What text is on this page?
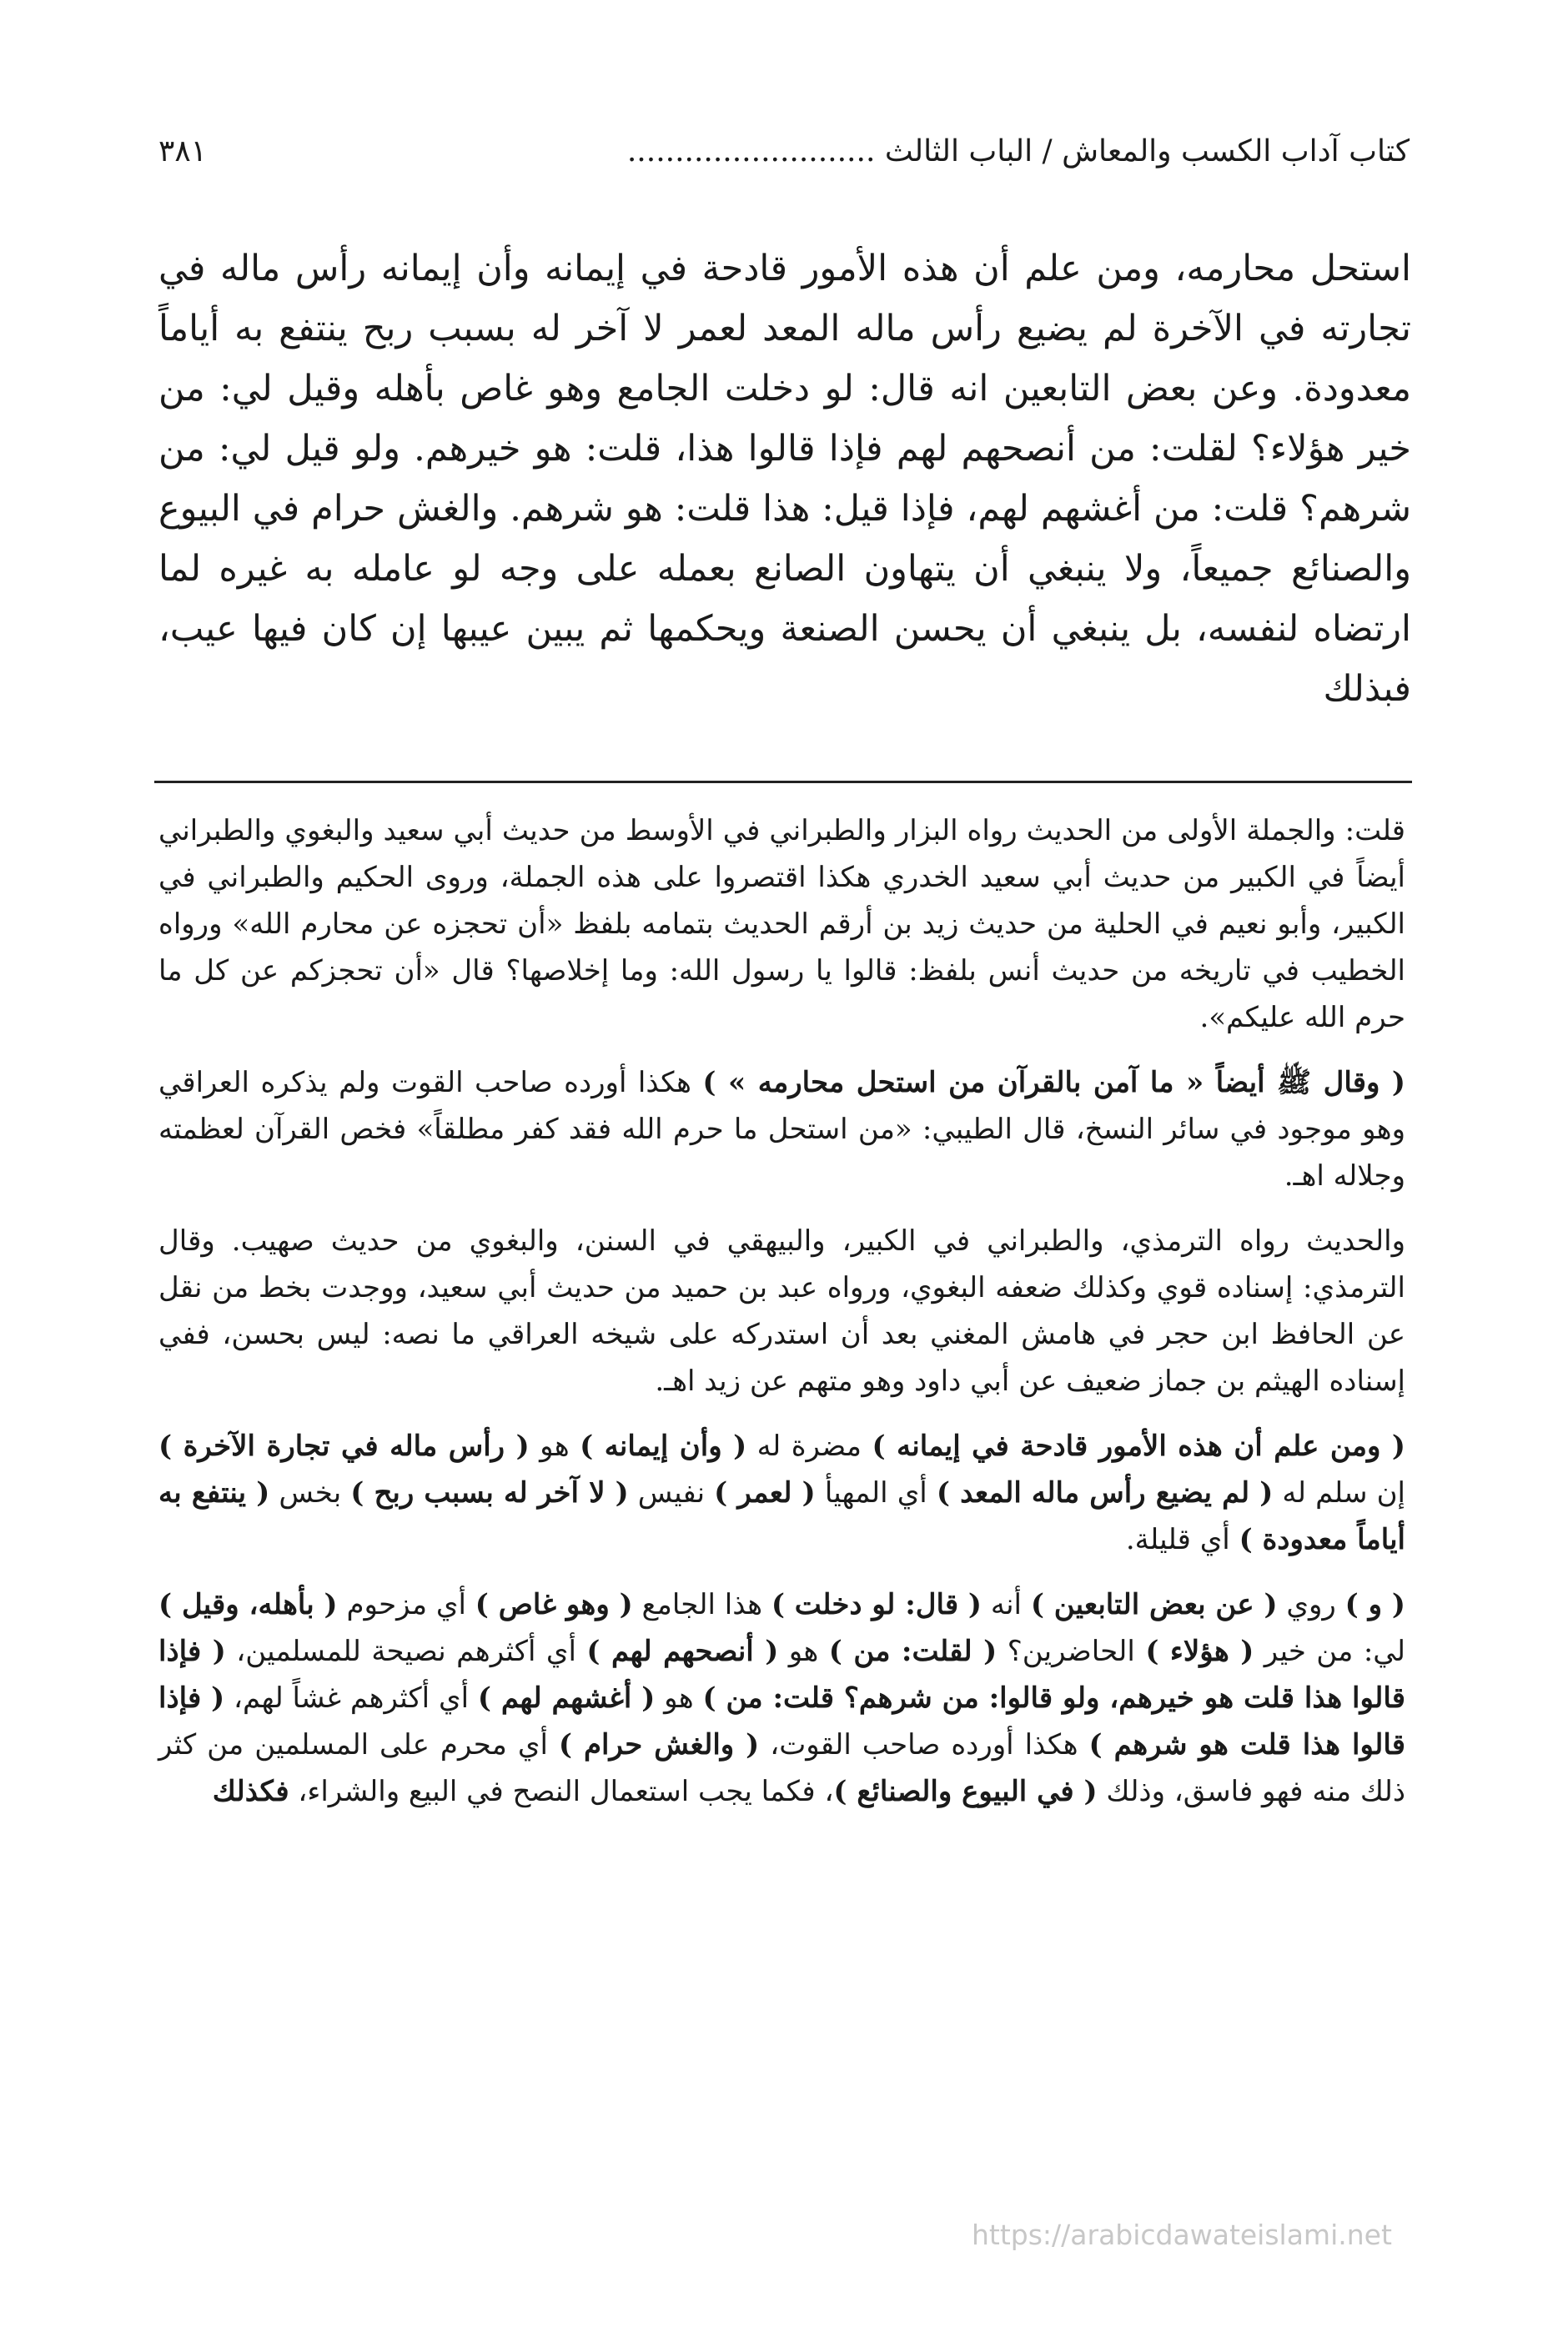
كتاب آداب الكسب والمعاش / الباب الثالث ..........................
٣٨١

استحل محارمه، ومن علم أن هذه الأمور قادحة في إيمانه وأن إيمانه رأس ماله في تجارته في الآخرة لم يضيع رأس ماله المعد لعمر لا آخر له بسبب ربح ينتفع به أياماً معدودة. وعن بعض التابعين انه قال: لو دخلت الجامع وهو غاص بأهله وقيل لي: من خير هؤلاء؟ لقلت: من أنصحهم لهم فإذا قالوا هذا، قلت: هو خيرهم. ولو قيل لي: من شرهم؟ قلت: من أغشهم لهم، فإذا قيل: هذا قلت: هو شرهم. والغش حرام في البيوع والصنائع جميعاً، ولا ينبغي أن يتهاون الصانع بعمله على وجه لو عامله به غيره لما ارتضاه لنفسه، بل ينبغي أن يحسن الصنعة ويحكمها ثم يبين عيبها إن كان فيها عيب، فبذلك

قلت: والجملة الأولى من الحديث رواه البزار والطبراني في الأوسط من حديث أبي سعيد والبغوي والطبراني أيضاً في الكبير من حديث أبي سعيد الخدري هكذا اقتصروا على هذه الجملة، وروى الحكيم والطبراني في الكبير، وأبو نعيم في الحلية من حديث زيد بن أرقم الحديث بتمامه بلفظ «أن تحجزه عن محارم الله» ورواه الخطيب في تاريخه من حديث أنس بلفظ: قالوا يا رسول الله: وما إخلاصها؟ قال «أن تحجزكم عن كل ما حرم الله عليكم».

( وقال ﷺ أيضاً « ما آمن بالقرآن من استحل محارمه » ) هكذا أورده صاحب القوت ولم يذكره العراقي وهو موجود في سائر النسخ، قال الطيبي: «من استحل ما حرم الله فقد كفر مطلقاً» فخص القرآن لعظمته وجلاله اهـ.

والحديث رواه الترمذي، والطبراني في الكبير، والبيهقي في السنن، والبغوي من حديث صهيب. وقال الترمذي: إسناده قوي وكذلك ضعفه البغوي، ورواه عبد بن حميد من حديث أبي سعيد، ووجدت بخط من نقل عن الحافظ ابن حجر في هامش المغني بعد أن استدركه على شيخه العراقي ما نصه: ليس بحسن، ففي إسناده الهيثم بن جماز ضعيف عن أبي داود وهو متهم عن زيد اهـ.

( ومن علم أن هذه الأمور قادحة في إيمانه ) مضرة له ( وأن إيمانه ) هو ( رأس ماله في تجارة الآخرة ) إن سلم له ( لم يضيع رأس ماله المعد ) أي المهيأ ( لعمر ) نفيس ( لا آخر له بسبب ربح ) بخس ( ينتفع به أياماً معدودة ) أي قليلة.

( و ) روي ( عن بعض التابعين ) أنه ( قال: لو دخلت ) هذا الجامع ( وهو غاص ) أي مزحوم ( بأهله، وقيل ) لي: من خير ( هؤلاء ) الحاضرين؟ ( لقلت: من ) هو ( أنصحهم لهم ) أي أكثرهم نصيحة للمسلمين، ( فإذا قالوا هذا قلت هو خيرهم، ولو قالوا: من شرهم؟ قلت: من ) هو ( أغشهم لهم ) أي أكثرهم غشاً لهم، ( فإذا قالوا هذا قلت هو شرهم ) هكذا أورده صاحب القوت، ( والغش حرام ) أي محرم على المسلمين من كثر ذلك منه فهو فاسق، وذلك ( في البيوع والصنائع )، فكما يجب استعمال النصح في البيع والشراء، فكذلك

https://arabicdawateislami.net
